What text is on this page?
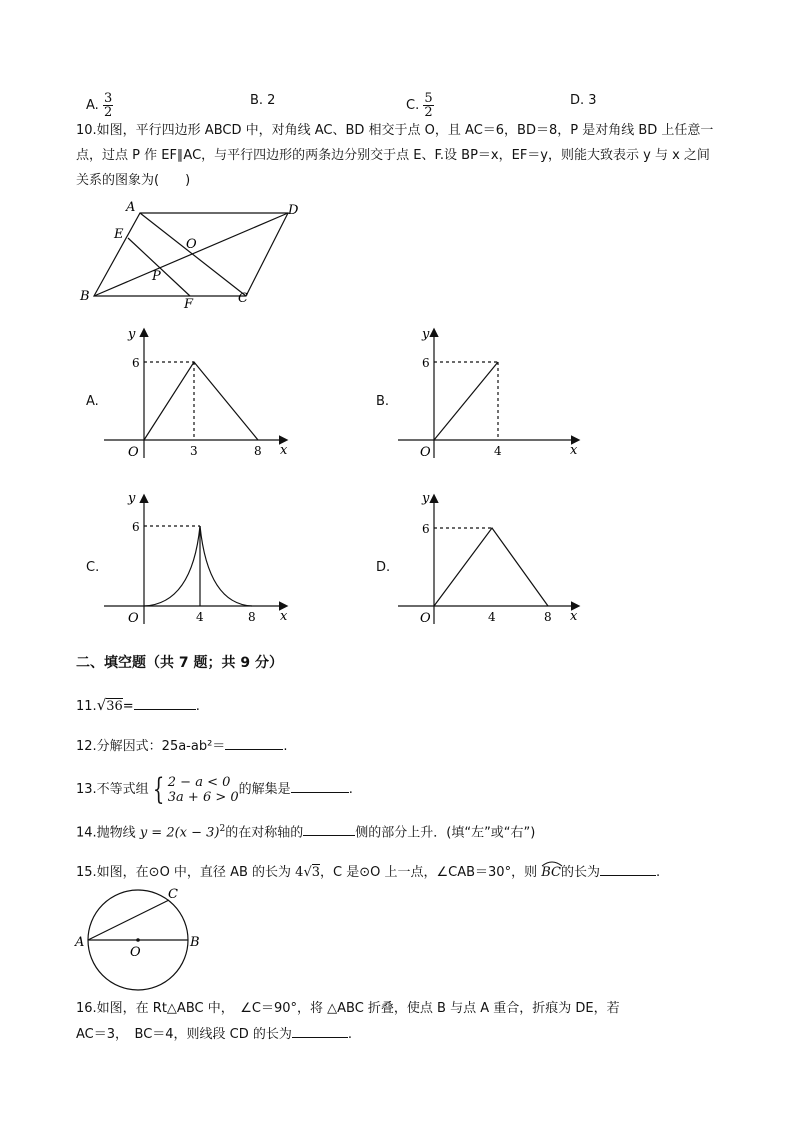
A. $\frac{3}{2}$	B. 2	C. $\frac{5}{2}$	D. 3
10.如图，平行四边形 ABCD 中，对角线 AC、BD 相交于点 O，且 AC＝6，BD＝8，P 是对角线 BD 上任意一
点，过点 P 作 EF∥AC，与平行四边形的两条边分别交于点 E、F.设 BP＝x，EF＝y，则能大致表示 y 与 x 之间
关系的图象为(　　)
A	D
E
O
P
B
F	C
A.
y
x
O
6
3	8
B.
y
x
O
6
4
C.
y
x
O
6
4	8
D.
y
x
O
6
4	8
二、填空题（共 7 题；共 9 分）
11.√36=	.
12.分解因式：25a-ab²＝	.
13.不等式组 { 2 − a < 0
3a + 6 > 0 的解集是	.
14.抛物线 $y = 2(x - 3)^2$的在对称轴的	侧的部分上升．(填“左”或“右”)
15.如图，在⊙O 中，直径 AB 的长为 4√3，C 是⊙O 上一点，∠CAB＝30°，则 BC
的长为	.
A	B
C
O
16.如图，在 Rt△ABC 中，　∠C＝90°，将 △ABC 折叠，使点 B 与点 A 重合，折痕为 DE，若
AC＝3，　BC＝4，则线段 CD 的长为	.
